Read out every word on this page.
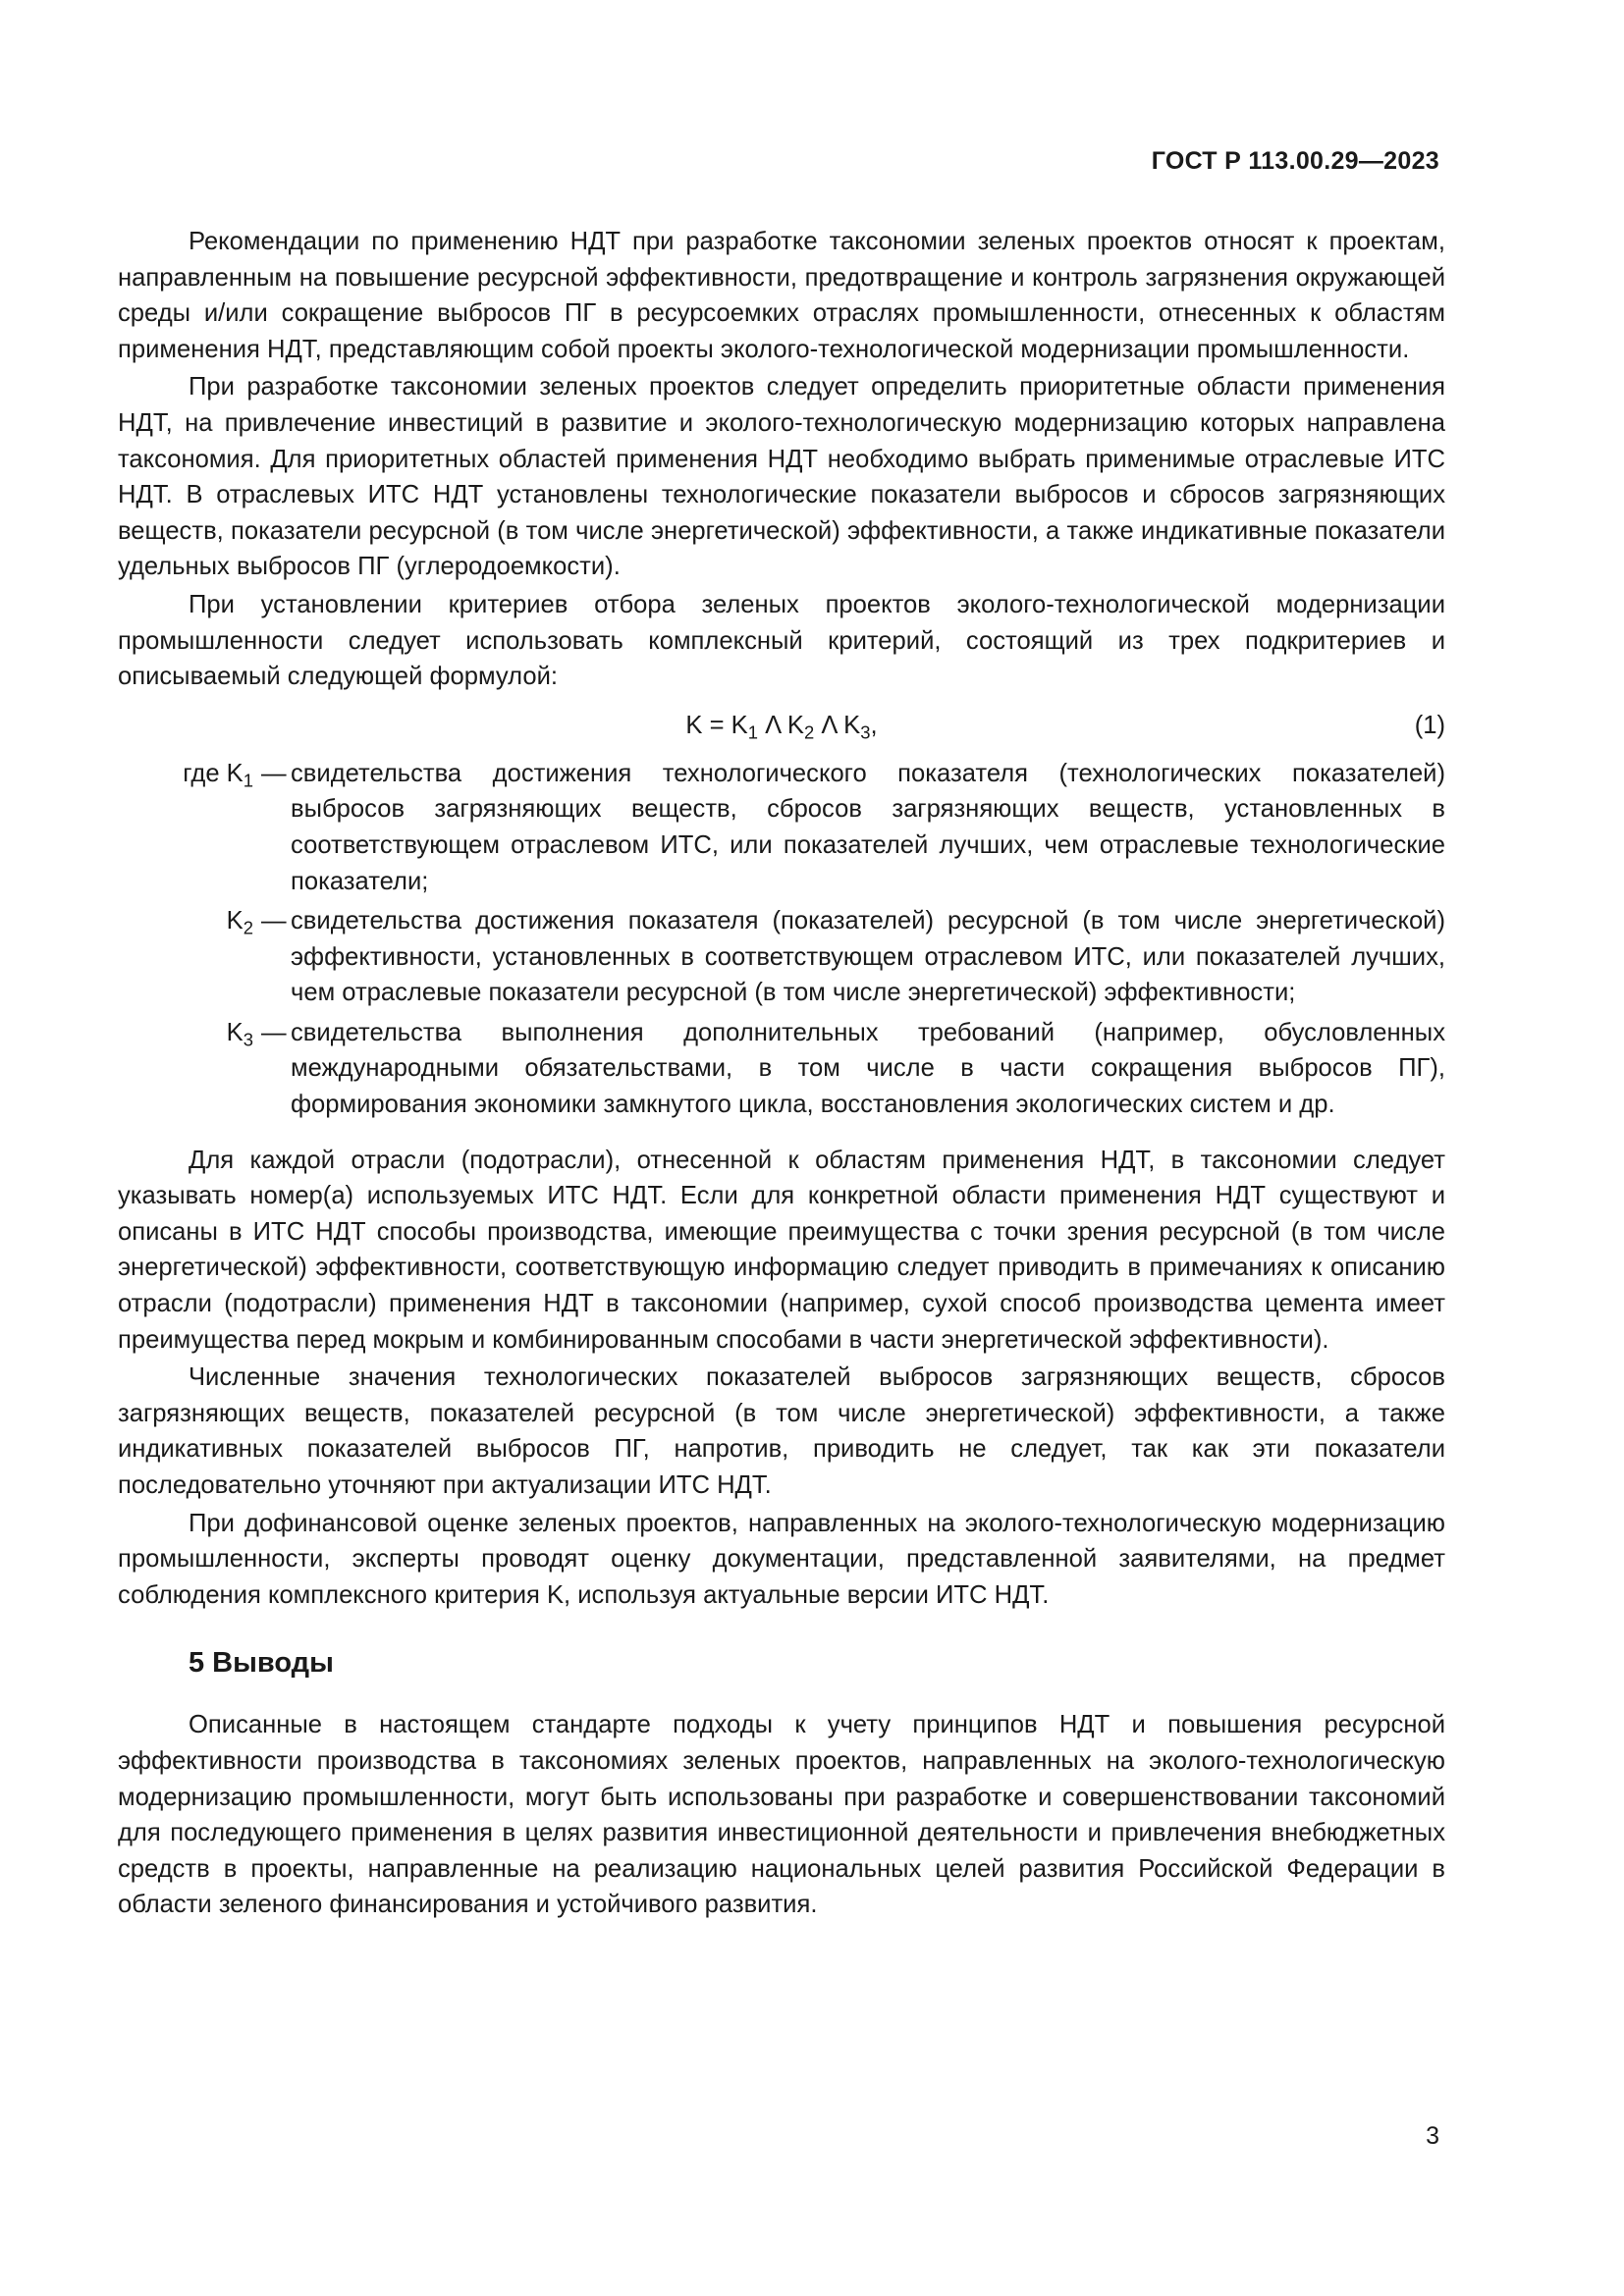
ГОСТ Р 113.00.29—2023

Рекомендации по применению НДТ при разработке таксономии зеленых проектов относят к проектам, направленным на повышение ресурсной эффективности, предотвращение и контроль загрязнения окружающей среды и/или сокращение выбросов ПГ в ресурсоемких отраслях промышленности, отнесенных к областям применения НДТ, представляющим собой проекты эколого-технологической модернизации промышленности.

При разработке таксономии зеленых проектов следует определить приоритетные области применения НДТ, на привлечение инвестиций в развитие и эколого-технологическую модернизацию которых направлена таксономия. Для приоритетных областей применения НДТ необходимо выбрать применимые отраслевые ИТС НДТ. В отраслевых ИТС НДТ установлены технологические показатели выбросов и сбросов загрязняющих веществ, показатели ресурсной (в том числе энергетической) эффективности, а также индикативные показатели удельных выбросов ПГ (углеродоемкости).

При установлении критериев отбора зеленых проектов эколого-технологической модернизации промышленности следует использовать комплексный критерий, состоящий из трех подкритериев и описываемый следующей формулой:

$K = K_1$ Λ $K_2$ Λ $K_3$,	(1)
где $K_1$ — свидетельства достижения технологического показателя (технологических показателей) выбросов загрязняющих веществ, сбросов загрязняющих веществ, установленных в соответствующем отраслевом ИТС, или показателей лучших, чем отраслевые технологические показатели;
$K_2$ — свидетельства достижения показателя (показателей) ресурсной (в том числе энергетической) эффективности, установленных в соответствующем отраслевом ИТС, или показателей лучших, чем отраслевые показатели ресурсной (в том числе энергетической) эффективности;
$K_3$ — свидетельства выполнения дополнительных требований (например, обусловленных международными обязательствами, в том числе в части сокращения выбросов ПГ), формирования экономики замкнутого цикла, восстановления экологических систем и др.

Для каждой отрасли (подотрасли), отнесенной к областям применения НДТ, в таксономии следует указывать номер(а) используемых ИТС НДТ. Если для конкретной области применения НДТ существуют и описаны в ИТС НДТ способы производства, имеющие преимущества с точки зрения ресурсной (в том числе энергетической) эффективности, соответствующую информацию следует приводить в примечаниях к описанию отрасли (подотрасли) применения НДТ в таксономии (например, сухой способ производства цемента имеет преимущества перед мокрым и комбинированным способами в части энергетической эффективности).

Численные значения технологических показателей выбросов загрязняющих веществ, сбросов загрязняющих веществ, показателей ресурсной (в том числе энергетической) эффективности, а также индикативных показателей выбросов ПГ, напротив, приводить не следует, так как эти показатели последовательно уточняют при актуализации ИТС НДТ.

При дофинансовой оценке зеленых проектов, направленных на эколого-технологическую модернизацию промышленности, эксперты проводят оценку документации, представленной заявителями, на предмет соблюдения комплексного критерия K, используя актуальные версии ИТС НДТ.

5 Выводы

Описанные в настоящем стандарте подходы к учету принципов НДТ и повышения ресурсной эффективности производства в таксономиях зеленых проектов, направленных на эколого-технологическую модернизацию промышленности, могут быть использованы при разработке и совершенствовании таксономий для последующего применения в целях развития инвестиционной деятельности и привлечения внебюджетных средств в проекты, направленные на реализацию национальных целей развития Российской Федерации в области зеленого финансирования и устойчивого развития.

3
